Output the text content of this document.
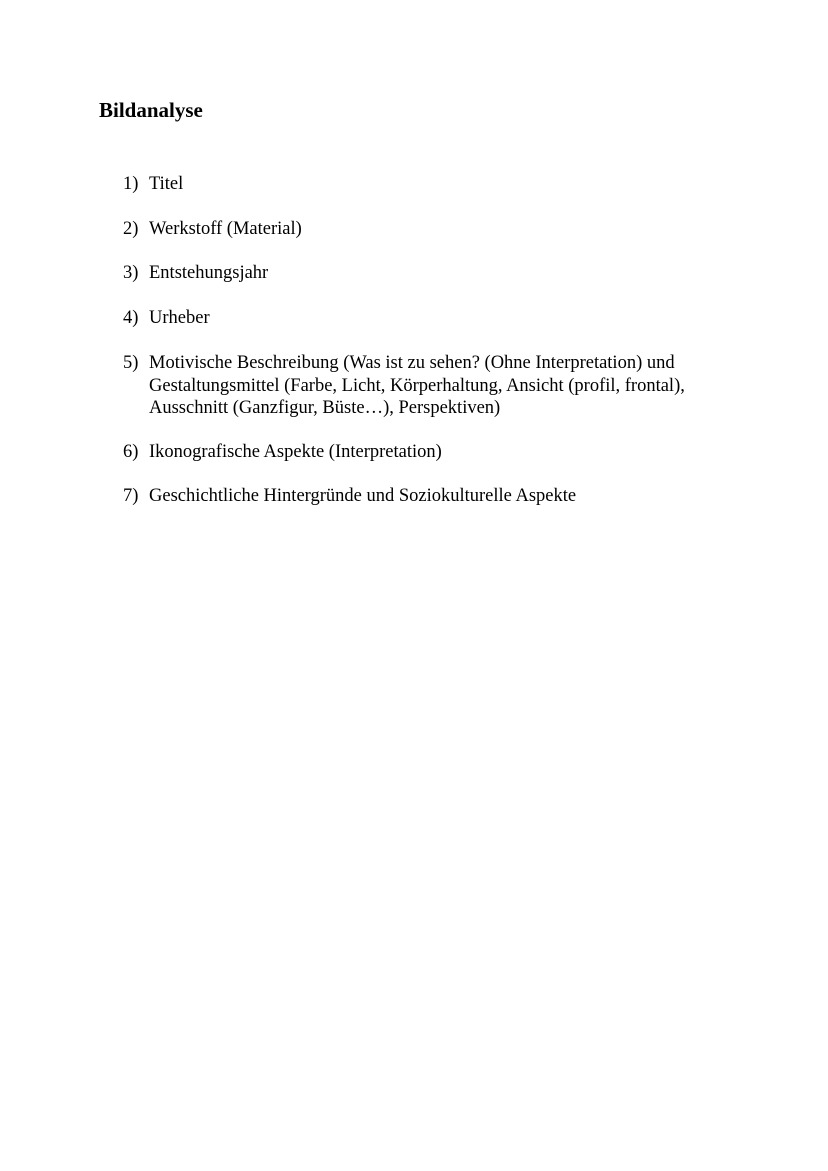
Bildanalyse
1) Titel
2) Werkstoff (Material)
3) Entstehungsjahr
4) Urheber
5) Motivische Beschreibung (Was ist zu sehen? (Ohne Interpretation) und
Gestaltungsmittel (Farbe, Licht, Körperhaltung, Ansicht (profil, frontal),
Ausschnitt (Ganzfigur, Büste…), Perspektiven)
6) Ikonografische Aspekte (Interpretation)
7) Geschichtliche Hintergründe und Soziokulturelle Aspekte
